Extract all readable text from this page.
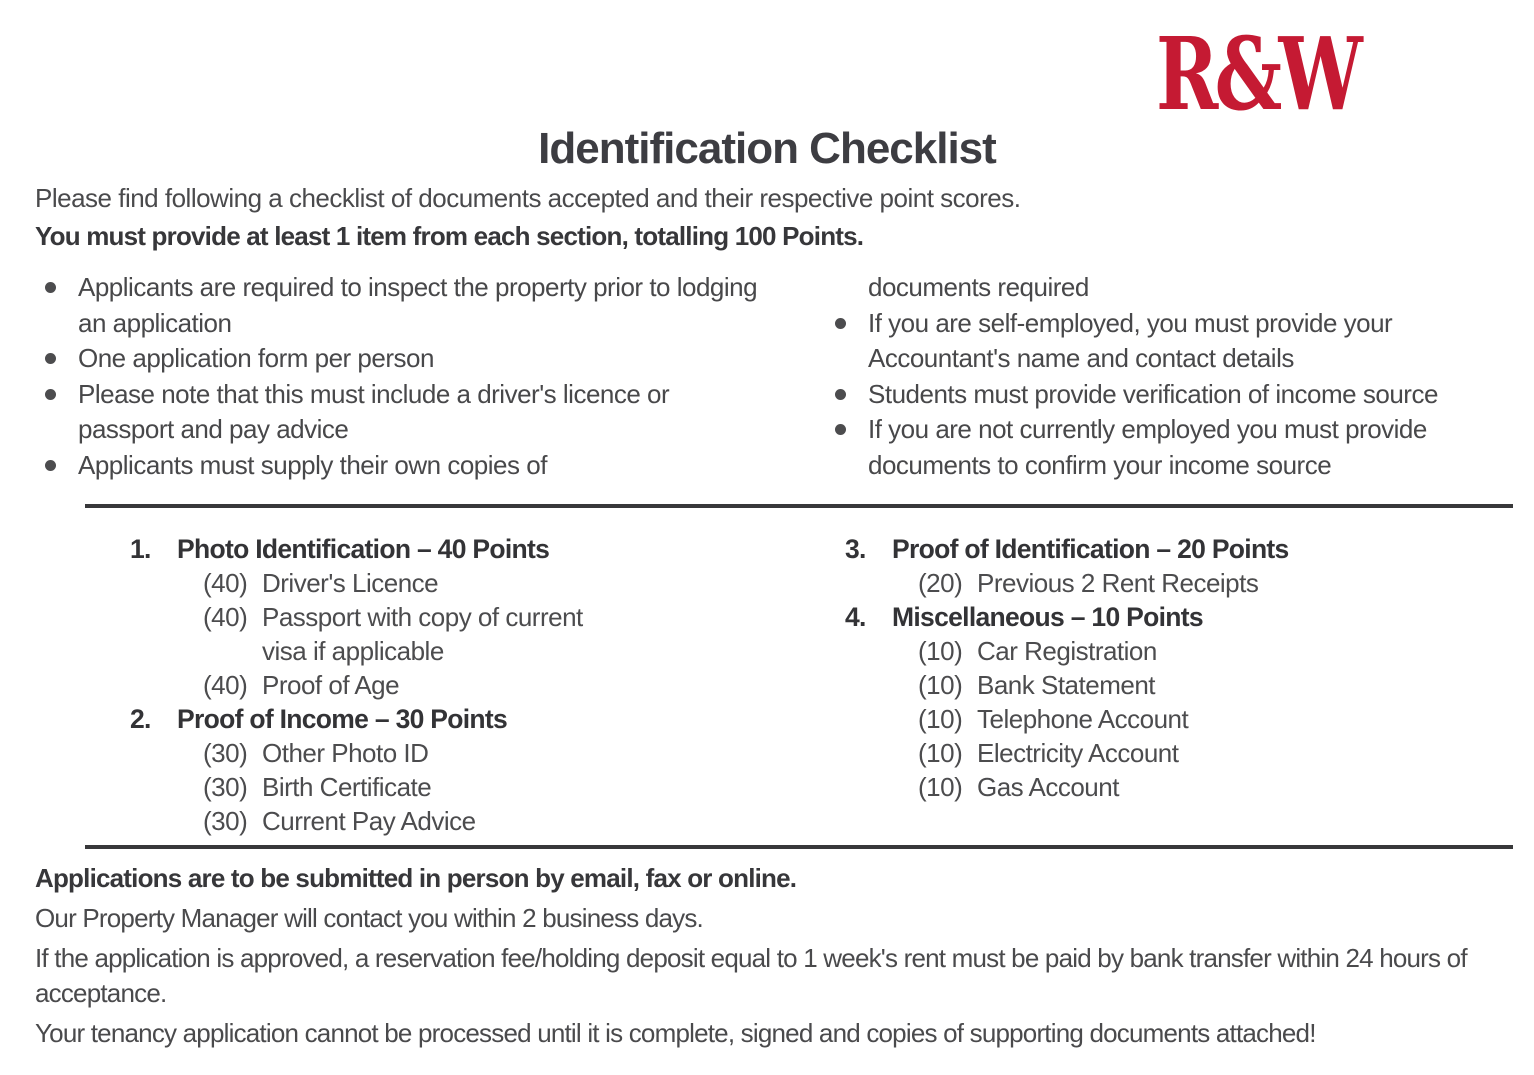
R&W
Identification Checklist
Please find following a checklist of documents accepted and their respective point scores.
You must provide at least 1 item from each section, totalling 100 Points.
Applicants are required to inspect the property prior to lodging an application
One application form per person
Please note that this must include a driver's licence or passport and pay advice
Applicants must supply their own copies of
documents required
If you are self-employed, you must provide your Accountant's name and contact details
Students must provide verification of income source
If you are not currently employed you must provide documents to confirm your income source
1. Photo Identification – 40 Points
(40) Driver's Licence
(40) Passport with copy of current visa if applicable
(40) Proof of Age
2. Proof of Income – 30 Points
(30) Other Photo ID
(30) Birth Certificate
(30) Current Pay Advice
3. Proof of Identification – 20 Points
(20) Previous 2 Rent Receipts
4. Miscellaneous – 10 Points
(10) Car Registration
(10) Bank Statement
(10) Telephone Account
(10) Electricity Account
(10) Gas Account

Applications are to be submitted in person by email, fax or online.

Our Property Manager will contact you within 2 business days.

If the application is approved, a reservation fee/holding deposit equal to 1 week's rent must be paid by bank transfer within 24 hours of acceptance.

Your tenancy application cannot be processed until it is complete, signed and copies of supporting documents attached!
